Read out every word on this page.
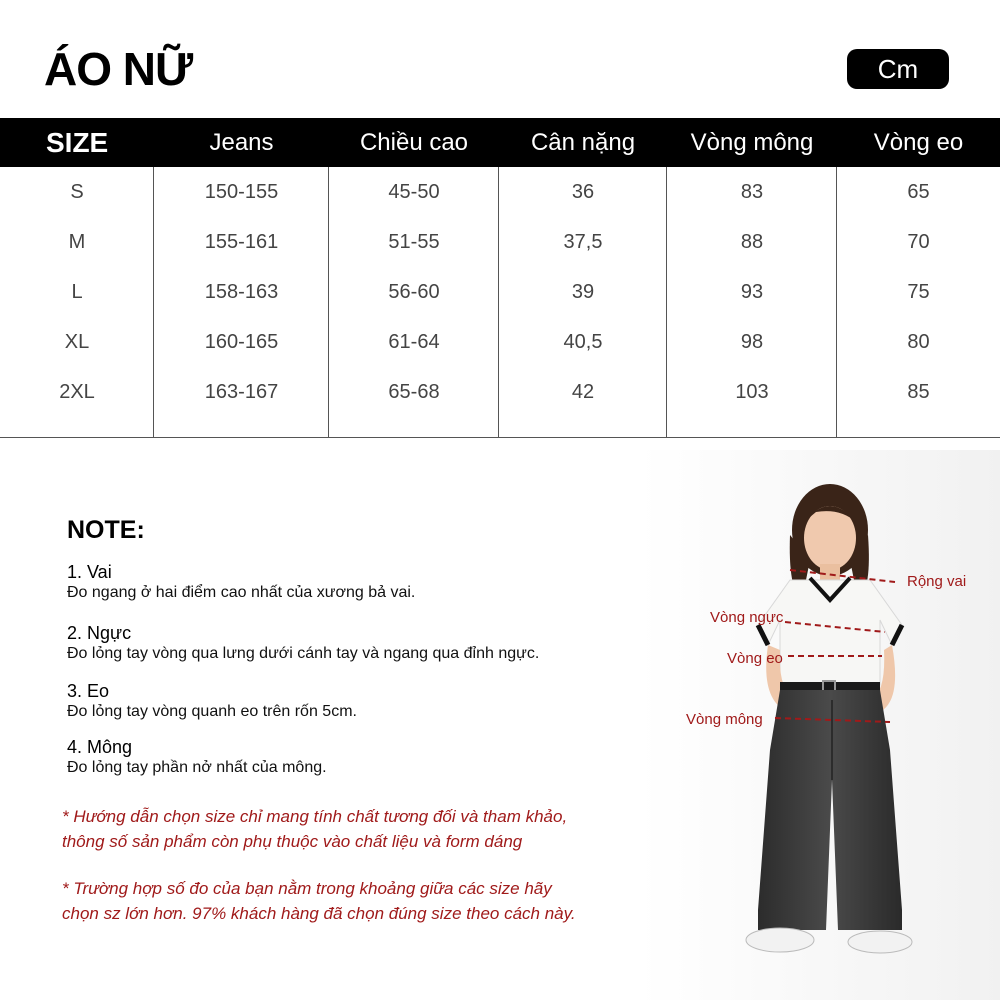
ÁO NỮ	Cm
SIZE	Jeans	Chiều cao	Cân nặng	Vòng mông	Vòng eo
S	150-155	45-50	36	83	65
M	155-161	51-55	37,5	88	70
L	158-163	56-60	39	93	75
XL	160-165	61-64	40,5	98	80
2XL	163-167	65-68	42	103	85
NOTE:
1. Vai
Đo ngang ở hai điểm cao nhất của xương bả vai.
2. Ngực
Đo lỏng tay vòng qua lưng dưới cánh tay và ngang qua đỉnh ngực.
3. Eo
Đo lỏng tay vòng quanh eo trên rốn 5cm.
4. Mông
Đo lỏng tay phần nở nhất của mông.
* Hướng dẫn chọn size chỉ mang tính chất tương đối và tham khảo,
thông số sản phẩm còn phụ thuộc vào chất liệu và form dáng
* Trường hợp số đo của bạn nằm trong khoảng giữa các size hãy
chọn sz lớn hơn. 97% khách hàng đã chọn đúng size theo cách này.
Rộng vai
Vòng ngực
Vòng eo
Vòng mông
